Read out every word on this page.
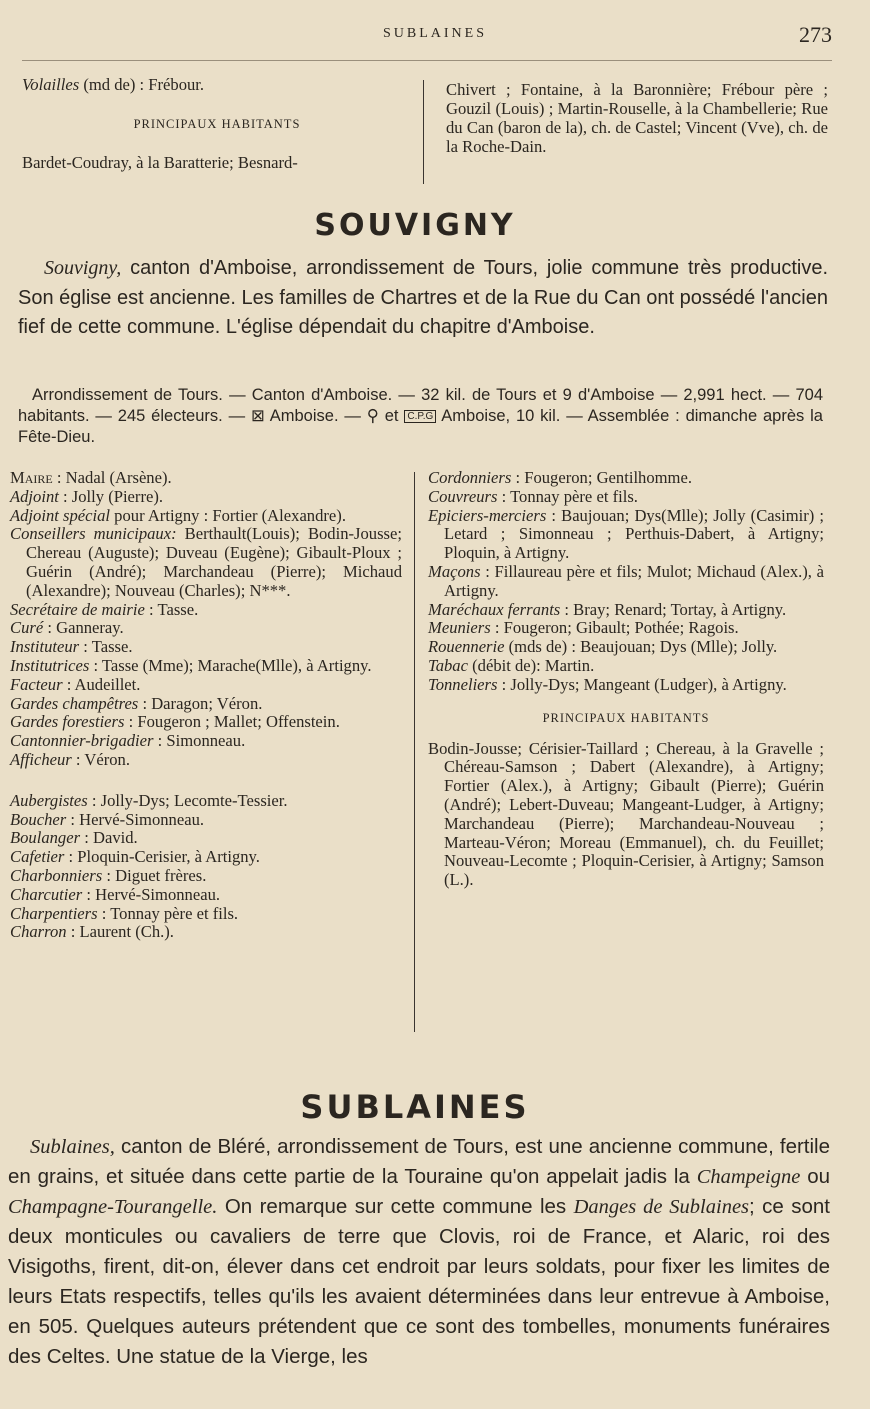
SUBLAINES	273

Volailles (md de) : Frébour.

PRINCIPAUX HABITANTS

Bardet-Coudray, à la Baratterie; Besnard-

Chivert ; Fontaine, à la Baronnière; Frébour père ; Gouzil (Louis) ; Martin-Rouselle, à la Chambellerie; Rue du Can (baron de la), ch. de Castel; Vincent (Vve), ch. de la Roche-Dain.
SOUVIGNY
Souvigny, canton d'Amboise, arrondissement de Tours, jolie commune très productive. Son église est ancienne. Les familles de Chartres et de la Rue du Can ont possédé l'ancien fief de cette commune. L'église dépendait du chapitre d'Amboise.
Arrondissement de Tours. — Canton d'Amboise. — 32 kil. de Tours et 9 d'Amboise — 2,991 hect. — 704 habitants. — 245 électeurs. — ⊠ Amboise. — ⚲ et C.P.G Amboise, 10 kil. — Assemblée : dimanche après la Fête-Dieu.

Maire : Nadal (Arsène).

Adjoint : Jolly (Pierre).

Adjoint spécial pour Artigny : Fortier (Alexandre).

Conseillers municipaux: Berthault(Louis); Bodin-Jousse; Chereau (Auguste); Duveau (Eugène); Gibault-Ploux ; Guérin (André); Marchandeau (Pierre); Michaud (Alexandre); Nouveau (Charles); N***.

Secrétaire de mairie : Tasse.

Curé : Ganneray.

Instituteur : Tasse.

Institutrices : Tasse (Mme); Marache(Mlle), à Artigny.

Facteur : Audeillet.

Gardes champêtres : Daragon; Véron.

Gardes forestiers : Fougeron ; Mallet; Offenstein.

Cantonnier-brigadier : Simonneau.

Afficheur : Véron.

Aubergistes : Jolly-Dys; Lecomte-Tessier.

Boucher : Hervé-Simonneau.

Boulanger : David.

Cafetier : Ploquin-Cerisier, à Artigny.

Charbonniers : Diguet frères.

Charcutier : Hervé-Simonneau.

Charpentiers : Tonnay père et fils.

Charron : Laurent (Ch.).

Cordonniers : Fougeron; Gentilhomme.

Couvreurs : Tonnay père et fils.

Epiciers-merciers : Baujouan; Dys(Mlle); Jolly (Casimir) ; Letard ; Simonneau ; Perthuis-Dabert, à Artigny; Ploquin, à Artigny.

Maçons : Fillaureau père et fils; Mulot; Michaud (Alex.), à Artigny.

Maréchaux ferrants : Bray; Renard; Tortay, à Artigny.

Meuniers : Fougeron; Gibault; Pothée; Ragois.

Rouennerie (mds de) : Beaujouan; Dys (Mlle); Jolly.

Tabac (débit de): Martin.

Tonneliers : Jolly-Dys; Mangeant (Ludger), à Artigny.

PRINCIPAUX HABITANTS

Bodin-Jousse; Cérisier-Taillard ; Chereau, à la Gravelle ; Chéreau-Samson ; Dabert (Alexandre), à Artigny; Fortier (Alex.), à Artigny; Gibault (Pierre); Guérin (André); Lebert-Duveau; Mangeant-Ludger, à Artigny; Marchandeau (Pierre); Marchandeau-Nouveau ; Marteau-Véron; Moreau (Emmanuel), ch. du Feuillet; Nouveau-Lecomte ; Ploquin-Cerisier, à Artigny; Samson (L.).

SUBLAINES
Sublaines, canton de Bléré, arrondissement de Tours, est une ancienne commune, fertile en grains, et située dans cette partie de la Touraine qu'on appelait jadis la Champeigne ou Champagne-Tourangelle. On remarque sur cette commune les Danges de Sublaines; ce sont deux monticules ou cavaliers de terre que Clovis, roi de France, et Alaric, roi des Visigoths, firent, dit-on, élever dans cet endroit par leurs soldats, pour fixer les limites de leurs Etats respectifs, telles qu'ils les avaient déterminées dans leur entrevue à Amboise, en 505. Quelques auteurs prétendent que ce sont des tombelles, monuments funéraires des Celtes. Une statue de la Vierge, les
